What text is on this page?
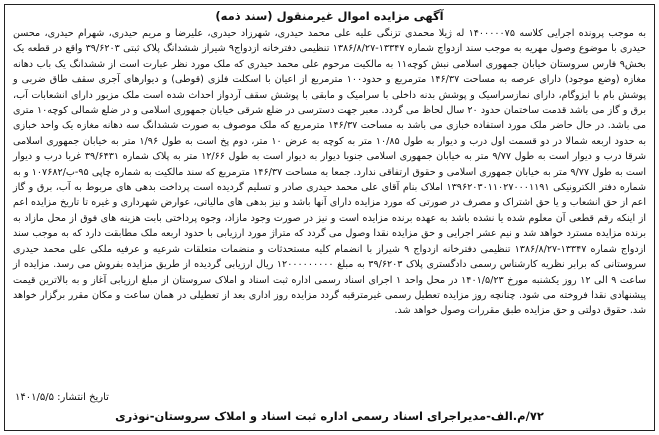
آگهی مزایده اموال غیرمنقول (سند ذمه)

به موجب پرونده اجرایی کلاسه ۱۴۰۰۰۰۰۷۵ له ژیلا محمدی تزنگی علیه علی محمد حیدری، شهرزاد حیدری، علیرضا و مریم حیدری، شهرام حیدری، محسن حیدری با موضوع وصول مهریه به موجب سند ازدواج شماره ۱۳۳۴۷-۱۳۸۶/۸/۲۷ تنظیمی دفترخانه ازدواج۹ شیراز ششدانگ پلاک ثبتی ۳۹/۶۲۰۳ واقع در قطعه یک بخش۹ فارس سروستان خیابان جمهوری اسلامی نبش کوچه۱۱ به مالکیت مرحوم علی محمد حیدری که ملک مورد نظر عبارت است از ششدانگ یک باب دهانه مغازه (وضع موجود) دارای عرصه به مساحت ۱۴۶/۳۷ مترمربع و حدود۱۰۰ مترمربع از اعیان با اسکلت فلزی (قوطی) و دیوارهای آجری سقف طاق ضربی و پوشش بام با ایزوگام، دارای نمازسراسیک و پوشش بدنه داخلی با سرامیک و مابقی با پوشش سقف آردواز احداث شده است ملک مزبور دارای انشعابات آب، برق و گاز می باشد قدمت ساختمان حدود ۲۰ سال لحاظ می گردد. معبر جهت دسترسی در ضلع شرقی خیابان جمهوری اسلامی و در ضلع شمالی کوچه۱۰ متری می باشد. در حال حاضر ملک مورد استفاده خبازی می باشد به مساحت ۱۴۶/۳۷ مترمربع که ملک موصوف به صورت ششدانگ سه دهانه مغازه یک واحد خبازی به حدود اربعه شمالا در دو قسمت اول درب و دیوار به طول ۱۰/۸۵ متر به کوچه به عرض ۱۰ متر، دوم پخ است به طول ۱/۹۶ متر به خیابان جمهوری اسلامی شرقا درب و دیوار است به طول ۹/۷۷ متر به خیابان جمهوری اسلامی جنوبا دیوار به دیوار است به طول ۱۲/۶۶ متر به پلاک شماره ۳۹/۶۴۳۱ غربا درب و دیوار است به طول ۹/۷۷ متر به خیابان جمهوری اسلامی و حقوق ارتفاقی ندارد. جمعا به مساحت ۱۴۶/۳۷ مترمربع که سند مالکیت به شماره چاپی ۹۵-ب/۱۰۷۶۸۲ و به شماره دفتر الکترونیکی ۱۳۹۶۲۰۳۰۱۱۰۲۷۰۰۰۱۱۹۱ املاک بنام آقای علی محمد حیدری صادر و تسلیم گردیده است پرداخت بدهی های مربوط به آب، برق و گاز اعم از حق انشعاب و یا حق اشتراک و مصرف در صورتی که مورد مزایده دارای آنها باشد و نیز بدهی های مالیاتی، عوارض شهرداری و غیره تا تاریخ مزایده اعم از اینکه رقم قطعی آن معلوم شده یا نشده باشد به عهده برنده مزایده است و نیز در صورت وجود مازاد، وجوه پرداختی بابت هزینه های فوق از محل مازاد به برنده مزایده مسترد خواهد شد و نیم عشر اجرایی و حق مزایده نقدا وصول می گردد که متراژ مورد ارزیابی با حدود اربعه ملک مطابقت دارد که به موجب سند ازدواج شماره ۱۳۳۴۷-۱۳۸۶/۸/۲۷ تنظیمی دفترخانه ازدواج ۹ شیراز با انضمام کلیه مستحدثات و منضمات متعلقات شرعیه و عرفیه ملکی علی محمد حیدری سروستانی که برابر نظریه کارشناس رسمی دادگستری پلاک ۳۹/۶۲۰۳ به مبلغ ۱۲۰۰۰۰۰۰۰۰۰ ریال ارزیابی گردیده از طریق مزایده بفروش می رسد. مزایده از ساعت ۹ الی ۱۲ روز یکشنبه مورخ ۱۴۰۱/۵/۲۳ در محل واحد ۱ اجرای اسناد رسمی اداره ثبت اسناد و املاک سروستان از مبلغ ارزیابی آغاز و به بالاترین قیمت پیشنهادی نقدا فروخته می شود. چنانچه روز مزایده تعطیل رسمی غیرمترقبه گردد مزایده روز اداری بعد از تعطیلی در همان ساعت و مکان مقرر برگزار خواهد شد. حقوق دولتی و حق مزایده طبق مقررات وصول خواهد شد.

تاریخ انتشار: ۱۴۰۱/۵/۵
۷۲/م.الف-مدیراجرای اسناد رسمی اداره ثبت اسناد و املاک سروستان-نوذری
